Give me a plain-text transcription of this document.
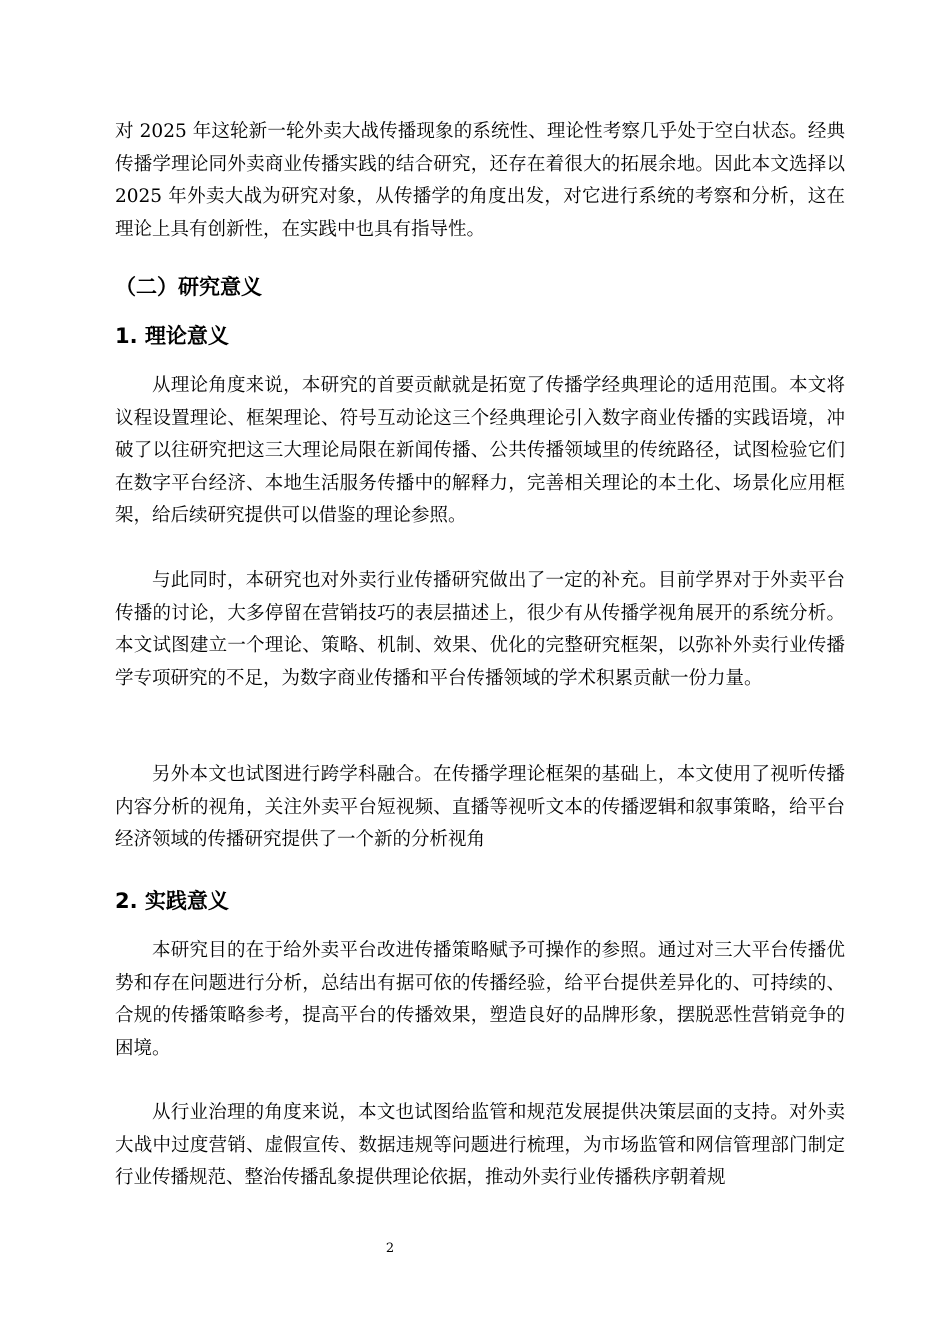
对 2025 年这轮新一轮外卖大战传播现象的系统性、理论性考察几乎处于空白状态。经典传播学理论同外卖商业传播实践的结合研究，还存在着很大的拓展余地。因此本文选择以 2025 年外卖大战为研究对象，从传播学的角度出发，对它进行系统的考察和分析，这在理论上具有创新性，在实践中也具有指导性。

（二）研究意义
1. 理论意义

从理论角度来说，本研究的首要贡献就是拓宽了传播学经典理论的适用范围。本文将议程设置理论、框架理论、符号互动论这三个经典理论引入数字商业传播的实践语境，冲破了以往研究把这三大理论局限在新闻传播、公共传播领域里的传统路径，试图检验它们在数字平台经济、本地生活服务传播中的解释力，完善相关理论的本土化、场景化应用框架，给后续研究提供可以借鉴的理论参照。

与此同时，本研究也对外卖行业传播研究做出了一定的补充。目前学界对于外卖平台传播的讨论，大多停留在营销技巧的表层描述上，很少有从传播学视角展开的系统分析。本文试图建立一个理论、策略、机制、效果、优化的完整研究框架，以弥补外卖行业传播学专项研究的不足，为数字商业传播和平台传播领域的学术积累贡献一份力量。

另外本文也试图进行跨学科融合。在传播学理论框架的基础上，本文使用了视听传播内容分析的视角，关注外卖平台短视频、直播等视听文本的传播逻辑和叙事策略，给平台经济领域的传播研究提供了一个新的分析视角

2. 实践意义

本研究目的在于给外卖平台改进传播策略赋予可操作的参照。通过对三大平台传播优势和存在问题进行分析，总结出有据可依的传播经验，给平台提供差异化的、可持续的、合规的传播策略参考，提高平台的传播效果，塑造良好的品牌形象，摆脱恶性营销竞争的困境。

从行业治理的角度来说，本文也试图给监管和规范发展提供决策层面的支持。对外卖大战中过度营销、虚假宣传、数据违规等问题进行梳理，为市场监管和网信管理部门制定行业传播规范、整治传播乱象提供理论依据，推动外卖行业传播秩序朝着规

2
